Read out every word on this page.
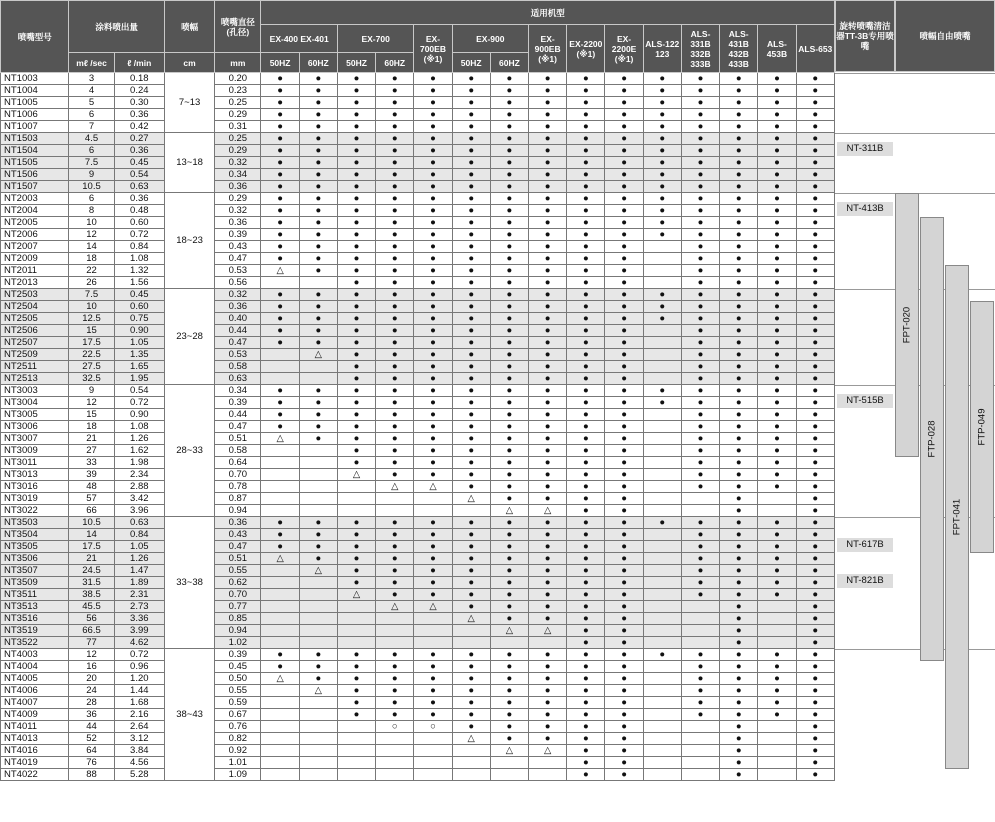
喷嘴型号	涂料喷出量		喷幅	喷嘴直径(孔径)	适用机型														
					EX-400 EX-401		EX-700		EX-700EB (※1)	EX-900		EX-900EB (※1)	EX-2200 (※1)	EX-2200E (※1)	ALS-122 123	ALS-331B 332B 333B	ALS-431B 432B 433B	ALS-453B	ALS-653
	mℓ /sec	ℓ /min	cm	mm	50HZ	60HZ	50HZ	60HZ		50HZ	60HZ								
NT1003	3	0.18	7~13	0.20	●	●	●	●	●	●	●	●	●	●	●	●	●	●	●
NT1004	4	0.24		0.23	●	●	●	●	●	●	●	●	●	●	●	●	●	●	●
NT1005	5	0.30		0.25	●	●	●	●	●	●	●	●	●	●	●	●	●	●	●
NT1006	6	0.36		0.29	●	●	●	●	●	●	●	●	●	●	●	●	●	●	●
NT1007	7	0.42		0.31	●	●	●	●	●	●	●	●	●	●	●	●	●	●	●
NT1503	4.5	0.27	13~18	0.25	●	●	●	●	●	●	●	●	●	●	●	●	●	●	●
NT1504	6	0.36		0.29	●	●	●	●	●	●	●	●	●	●	●	●	●	●	●
NT1505	7.5	0.45		0.32	●	●	●	●	●	●	●	●	●	●	●	●	●	●	●
NT1506	9	0.54		0.34	●	●	●	●	●	●	●	●	●	●	●	●	●	●	●
NT1507	10.5	0.63		0.36	●	●	●	●	●	●	●	●	●	●	●	●	●	●	●
NT2003	6	0.36	18~23	0.29	●	●	●	●	●	●	●	●	●	●	●	●	●	●	●
NT2004	8	0.48		0.32	●	●	●	●	●	●	●	●	●	●	●	●	●	●	●
NT2005	10	0.60		0.36	●	●	●	●	●	●	●	●	●	●	●	●	●	●	●
NT2006	12	0.72		0.39	●	●	●	●	●	●	●	●	●	●	●	●	●	●	●
NT2007	14	0.84		0.43	●	●	●	●	●	●	●	●	●	●		●	●	●	●
NT2009	18	1.08		0.47	●	●	●	●	●	●	●	●	●	●		●	●	●	●
NT2011	22	1.32		0.53	△	●	●	●	●	●	●	●	●	●		●	●	●	●
NT2013	26	1.56		0.56			●	●	●	●	●	●	●	●		●	●	●	●
NT2503	7.5	0.45	23~28	0.32	●	●	●	●	●	●	●	●	●	●	●	●	●	●	●
NT2504	10	0.60		0.36	●	●	●	●	●	●	●	●	●	●	●	●	●	●	●
NT2505	12.5	0.75		0.40	●	●	●	●	●	●	●	●	●	●	●	●	●	●	●
NT2506	15	0.90		0.44	●	●	●	●	●	●	●	●	●	●		●	●	●	●
NT2507	17.5	1.05		0.47	●	●	●	●	●	●	●	●	●	●		●	●	●	●
NT2509	22.5	1.35		0.53		△	●	●	●	●	●	●	●	●		●	●	●	●
NT2511	27.5	1.65		0.58			●	●	●	●	●	●	●	●		●	●	●	●
NT2513	32.5	1.95		0.63			●	●	●	●	●	●	●	●		●	●	●	●
NT3003	9	0.54	28~33	0.34	●	●	●	●	●	●	●	●	●	●	●	●	●	●	●
NT3004	12	0.72		0.39	●	●	●	●	●	●	●	●	●	●	●	●	●	●	●
NT3005	15	0.90		0.44	●	●	●	●	●	●	●	●	●	●		●	●	●	●
NT3006	18	1.08		0.47	●	●	●	●	●	●	●	●	●	●		●	●	●	●
NT3007	21	1.26		0.51	△	●	●	●	●	●	●	●	●	●		●	●	●	●
NT3009	27	1.62		0.58			●	●	●	●	●	●	●	●		●	●	●	●
NT3011	33	1.98		0.64			●	●	●	●	●	●	●	●		●	●	●	●
NT3013	39	2.34		0.70			△	●	●	●	●	●	●	●		●	●	●	●
NT3016	48	2.88		0.78				△	△	●	●	●	●	●		●	●	●	●
NT3019	57	3.42		0.87						△	●	●	●	●			●		●
NT3022	66	3.96		0.94							△	△	●	●			●		●
NT3503	10.5	0.63	33~38	0.36	●	●	●	●	●	●	●	●	●	●	●	●	●	●	●
NT3504	14	0.84		0.43	●	●	●	●	●	●	●	●	●	●		●	●	●	●
NT3505	17.5	1.05		0.47	●	●	●	●	●	●	●	●	●	●		●	●	●	●
NT3506	21	1.26		0.51	△	●	●	●	●	●	●	●	●	●		●	●	●	●
NT3507	24.5	1.47		0.55		△	●	●	●	●	●	●	●	●		●	●	●	●
NT3509	31.5	1.89		0.62			●	●	●	●	●	●	●	●		●	●	●	●
NT3511	38.5	2.31		0.70			△	●	●	●	●	●	●	●		●	●	●	●
NT3513	45.5	2.73		0.77				△	△	●	●	●	●	●			●		●
NT3516	56	3.36		0.85						△	●	●	●	●			●		●
NT3519	66.5	3.99		0.94							△	△	●	●			●		●
NT3522	77	4.62		1.02									●	●			●		●
NT4003	12	0.72	38~43	0.39	●	●	●	●	●	●	●	●	●	●	●	●	●	●	●
NT4004	16	0.96		0.45	●	●	●	●	●	●	●	●	●	●		●	●	●	●
NT4005	20	1.20		0.50	△	●	●	●	●	●	●	●	●	●		●	●	●	●
NT4006	24	1.44		0.55		△	●	●	●	●	●	●	●	●		●	●	●	●
NT4007	28	1.68		0.59			●	●	●	●	●	●	●	●		●	●	●	●
NT4009	36	2.16		0.67			●	●	●	●	●	●	●	●		●	●	●	●
NT4011	44	2.64		0.76				○	○	●	●	●	●	●			●		●
NT4013	52	3.12		0.82						△	●	●	●	●			●		●
NT4016	64	3.84		0.92							△	△	●	●			●		●
NT4019	76	4.56		1.01									●	●			●		●
NT4022	88	5.28		1.09									●	●			●		●
旋转喷嘴清洁器TT-3B专用喷嘴
喷幅自由喷嘴
NT-311B
NT-413B
NT-515B
NT-617B
NT-821B
FPT-020
FTP-028
FPT-041
FTP-049
